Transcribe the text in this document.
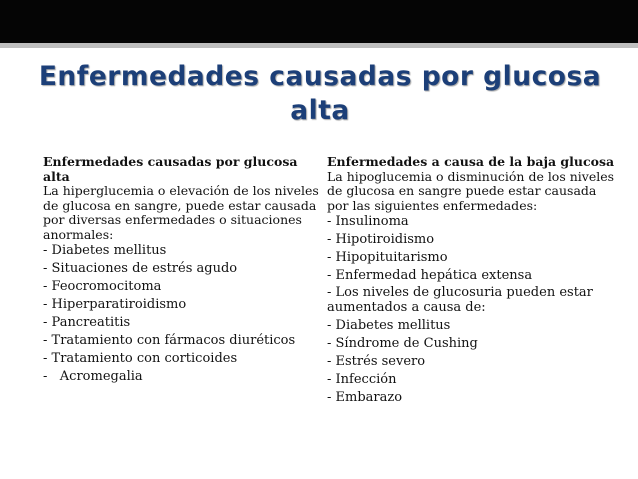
Enfermedades causadas por glucosa alta

Enfermedades causadas por glucosa alta

La hiperglucemia o elevación de los niveles de glucosa en sangre, puede estar causada por diversas enfermedades o situaciones anormales:

- Diabetes mellitus
- Situaciones de estrés agudo
- Feocromocitoma
- Hiperparatiroidismo
- Pancreatitis
- Tratamiento con fármacos diuréticos
- Tratamiento con corticoides
-   Acromegalia

Enfermedades a causa de la baja glucosa

La hipoglucemia o disminución de los niveles de glucosa en sangre puede estar causada por las siguientes enfermedades:

- Insulinoma
- Hipotiroidismo
- Hipopituitarismo
- Enfermedad hepática extensa
- Los niveles de glucosuria pueden estar aumentados a causa de:
- Diabetes mellitus
- Síndrome de Cushing
- Estrés severo
- Infección
- Embarazo
